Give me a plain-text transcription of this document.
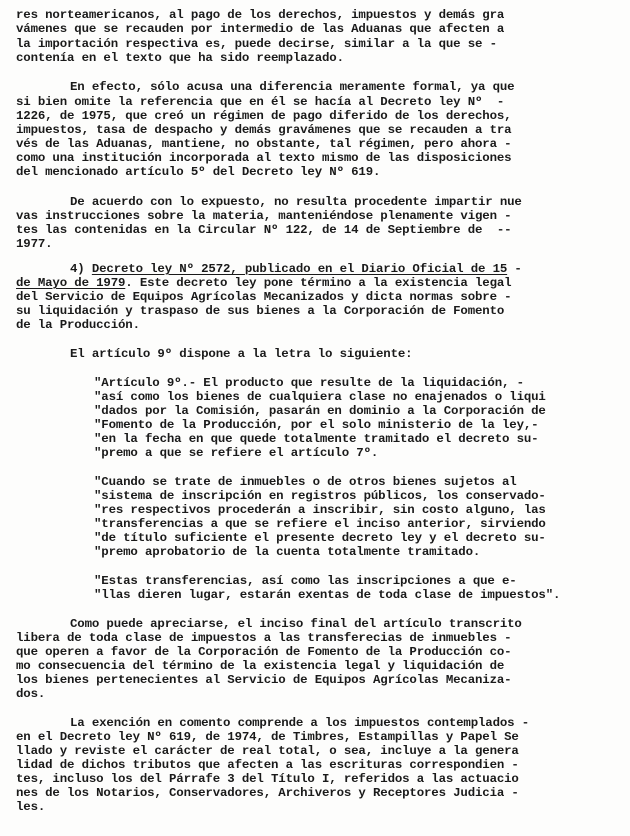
res norteamericanos, al pago de los derechos, impuestos y demás gra
vámenes que se recauden por intermedio de las Aduanas que afecten a
la importación respectiva es, puede decirse, similar a la que se -
contenía en el texto que ha sido reemplazado.
En efecto, sólo acusa una diferencia meramente formal, ya que
si bien omite la referencia que en él se hacía al Decreto ley Nº  -
1226, de 1975, que creó un régimen de pago diferido de los derechos,
impuestos, tasa de despacho y demás gravámenes que se recauden a tra
vés de las Aduanas, mantiene, no obstante, tal régimen, pero ahora -
como una institución incorporada al texto mismo de las disposiciones
del mencionado artículo 5º del Decreto ley Nº 619.
De acuerdo con lo expuesto, no resulta procedente impartir nue
vas instrucciones sobre la materia, manteniéndose plenamente vigen -
tes las contenidas en la Circular Nº 122, de 14 de Septiembre de  --
1977.
4) Decreto ley Nº 2572, publicado en el Diario Oficial de 15 -
de Mayo de 1979. Este decreto ley pone término a la existencia legal
del Servicio de Equipos Agrícolas Mecanizados y dicta normas sobre -
su liquidación y traspaso de sus bienes a la Corporación de Fomento
de la Producción.
El artículo 9º dispone a la letra lo siguiente:
"Artículo 9º.- El producto que resulte de la liquidación, -
"así como los bienes de cualquiera clase no enajenados o liqui
"dados por la Comisión, pasarán en dominio a la Corporación de
"Fomento de la Producción, por el solo ministerio de la ley,-
"en la fecha en que quede totalmente tramitado el decreto su-
"premo a que se refiere el artículo 7º.
"Cuando se trate de inmuebles o de otros bienes sujetos al
"sistema de inscripción en registros públicos, los conservado-
"res respectivos procederán a inscribir, sin costo alguno, las
"transferencias a que se refiere el inciso anterior, sirviendo
"de título suficiente el presente decreto ley y el decreto su-
"premo aprobatorio de la cuenta totalmente tramitado.
"Estas transferencias, así como las inscripciones a que e-
"llas dieren lugar, estarán exentas de toda clase de impuestos".
Como puede apreciarse, el inciso final del artículo transcrito
libera de toda clase de impuestos a las transferecias de inmuebles -
que operen a favor de la Corporación de Fomento de la Producción co-
mo consecuencia del término de la existencia legal y liquidación de
los bienes pertenecientes al Servicio de Equipos Agrícolas Mecaniza-
dos.
La exención en comento comprende a los impuestos contemplados -
en el Decreto ley Nº 619, de 1974, de Timbres, Estampillas y Papel Se
llado y reviste el carácter de real total, o sea, incluye a la genera
lidad de dichos tributos que afecten a las escrituras correspondien -
tes, incluso los del Párrafe 3 del Título I, referidos a las actuacio
nes de los Notarios, Conservadores, Archiveros y Receptores Judicia -
les.
